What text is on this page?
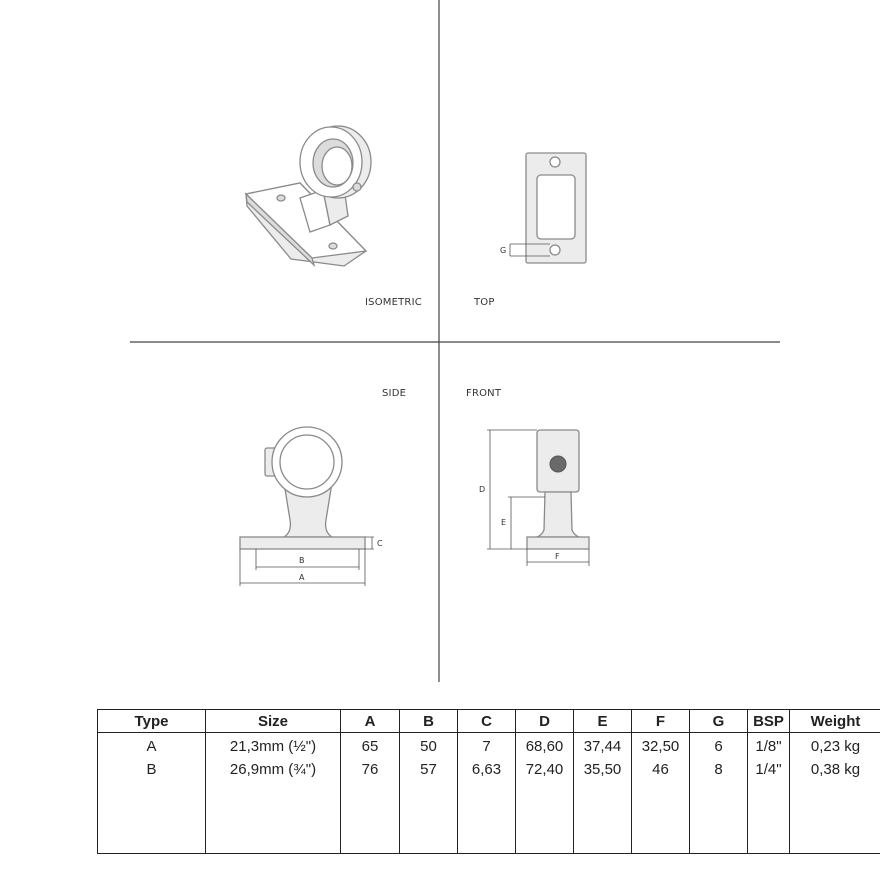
ISOMETRIC
G
TOP
SIDE
B
A
C
FRONT
D
E
F
Type	Size	A	B	C	D	E	F	G	BSP	Weight
A	21,3mm (½")	65	50	7	68,60	37,44	32,50	6	1/8"	0,23 kg
B	26,9mm (¾")	76	57	6,63	72,40	35,50	46	8	1/4"	0,38 kg
